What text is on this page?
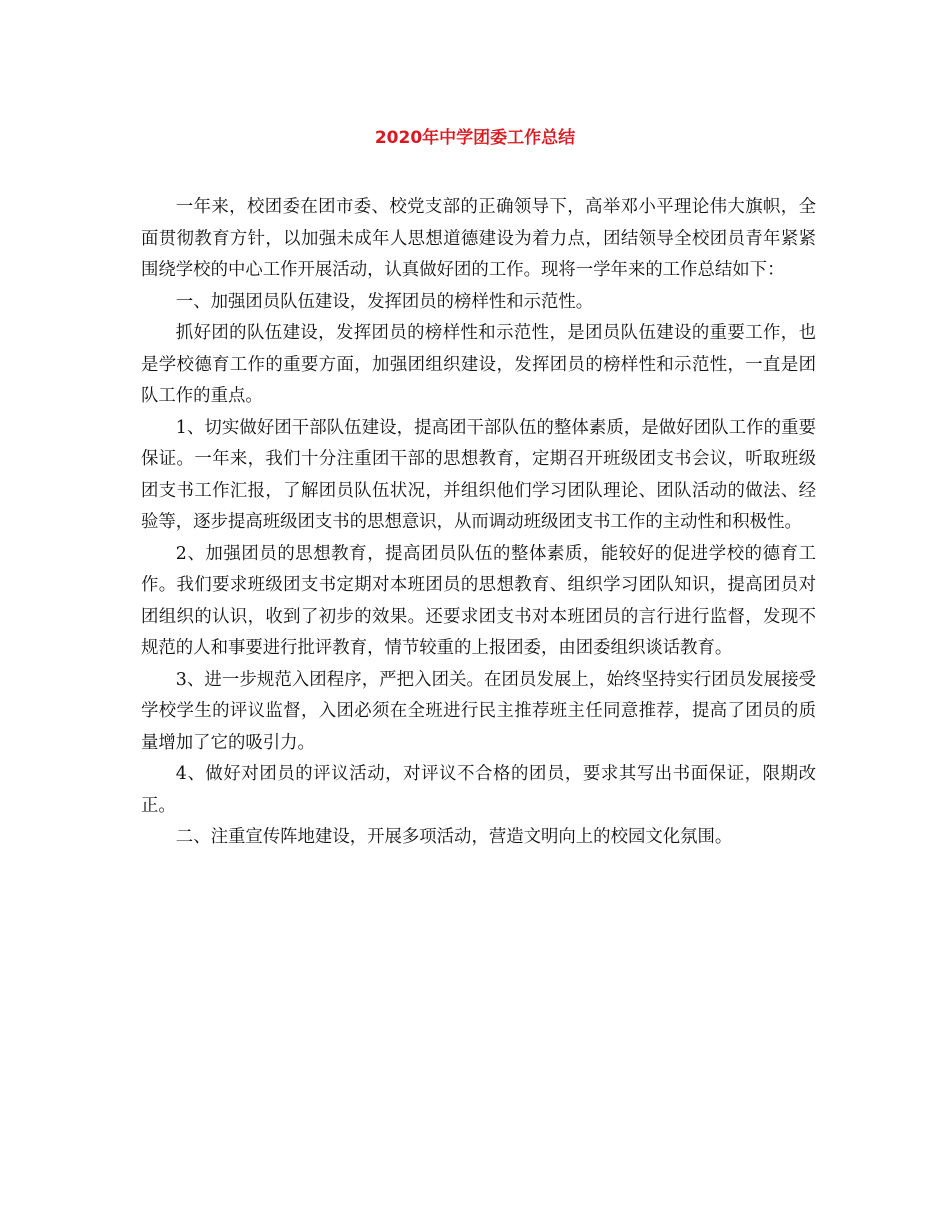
2020年中学团委工作总结

一年来，校团委在团市委、校党支部的正确领导下，高举邓小平理论伟大旗帜，全面贯彻教育方针，以加强未成年人思想道德建设为着力点，团结领导全校团员青年紧紧围绕学校的中心工作开展活动，认真做好团的工作。现将一学年来的工作总结如下：

一、加强团员队伍建设，发挥团员的榜样性和示范性。

抓好团的队伍建设，发挥团员的榜样性和示范性，是团员队伍建设的重要工作，也是学校德育工作的重要方面，加强团组织建设，发挥团员的榜样性和示范性，一直是团队工作的重点。

1、切实做好团干部队伍建设，提高团干部队伍的整体素质，是做好团队工作的重要保证。一年来，我们十分注重团干部的思想教育，定期召开班级团支书会议，听取班级团支书工作汇报，了解团员队伍状况，并组织他们学习团队理论、团队活动的做法、经验等，逐步提高班级团支书的思想意识，从而调动班级团支书工作的主动性和积极性。

2、加强团员的思想教育，提高团员队伍的整体素质，能较好的促进学校的德育工作。我们要求班级团支书定期对本班团员的思想教育、组织学习团队知识，提高团员对团组织的认识，收到了初步的效果。还要求团支书对本班团员的言行进行监督，发现不规范的人和事要进行批评教育，情节较重的上报团委，由团委组织谈话教育。

3、进一步规范入团程序，严把入团关。在团员发展上，始终坚持实行团员发展接受学校学生的评议监督，入团必须在全班进行民主推荐班主任同意推荐，提高了团员的质量增加了它的吸引力。

4、做好对团员的评议活动，对评议不合格的团员，要求其写出书面保证，限期改正。

二、注重宣传阵地建设，开展多项活动，营造文明向上的校园文化氛围。
